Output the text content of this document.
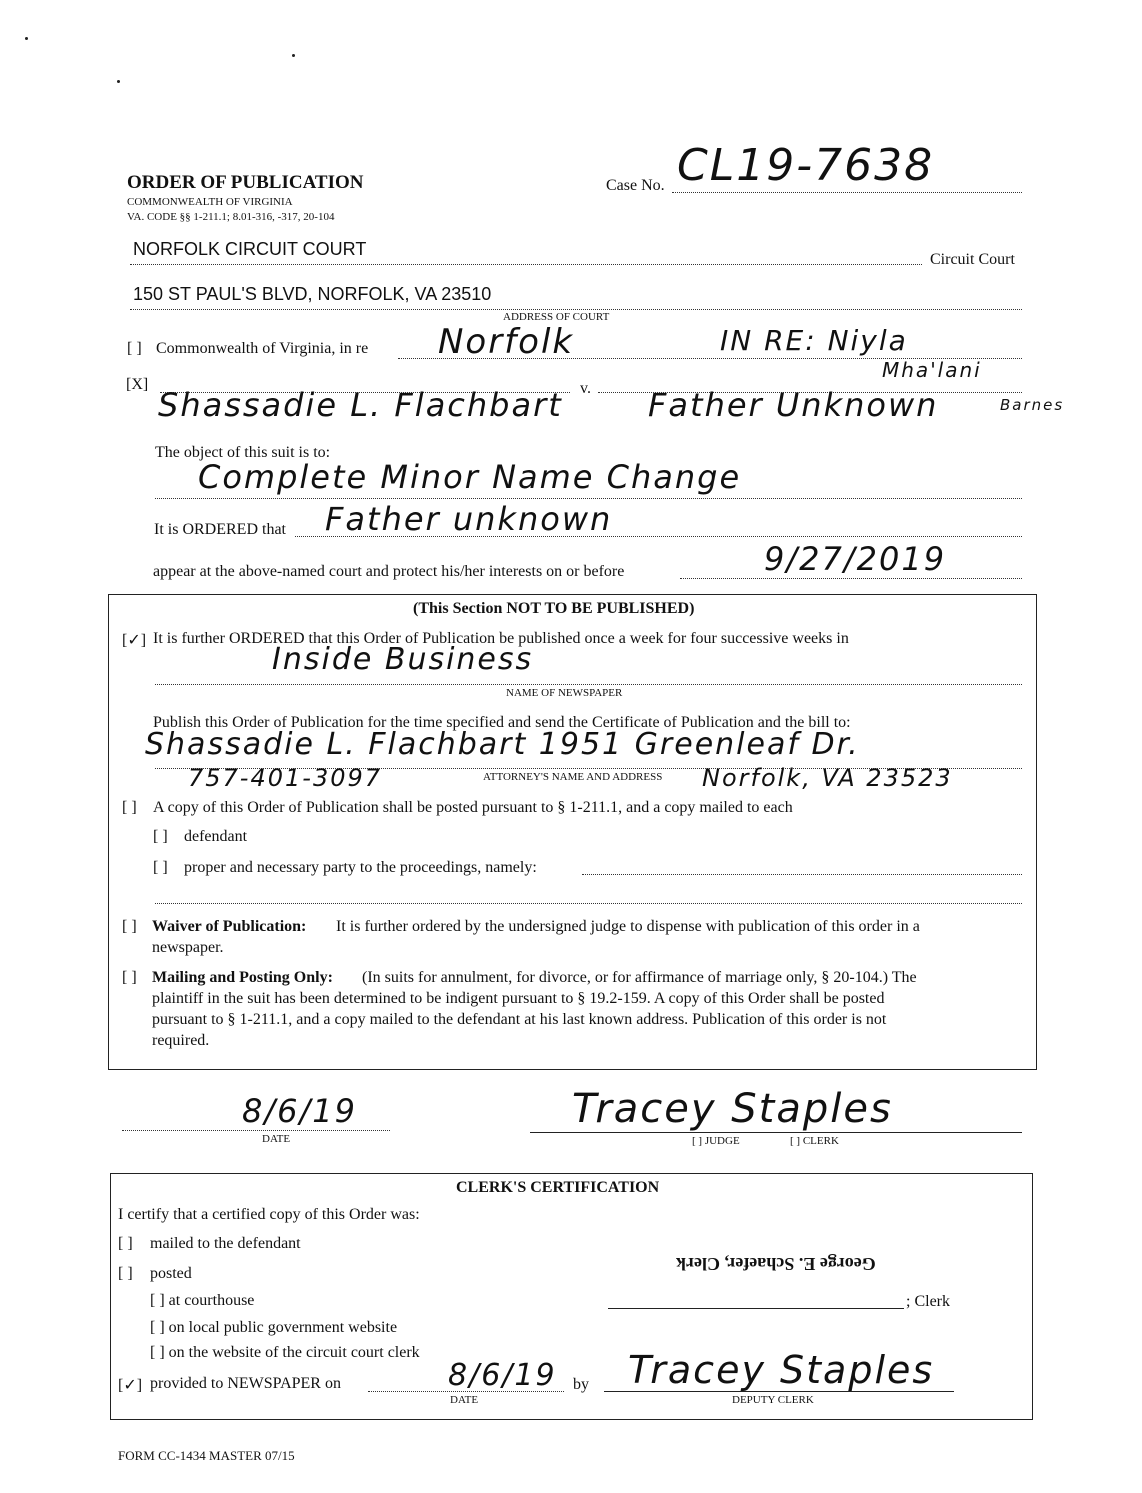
ORDER OF PUBLICATION
COMMONWEALTH OF VIRGINIA
VA. CODE §§ 1-211.1; 8.01-316, -317, 20-104
Case No. CL19-7638
NORFOLK CIRCUIT COURT
Circuit Court
150 ST PAUL'S BLVD, NORFOLK, VA 23510
ADDRESS OF COURT
[ ] Commonwealth of Virginia, in re Norfolk	IN RE: Niyla
Mha'lani
[X]	v.
Shassadie L. Flachbart	Father Unknown	Barnes
The object of this suit is to:
Complete Minor Name Change
It is ORDERED that Father unknown
appear at the above-named court and protect his/her interests on or before	9/27/2019
(This Section NOT TO BE PUBLISHED)
[✓] It is further ORDERED that this Order of Publication be published once a week for four successive weeks in
Inside Business
NAME OF NEWSPAPER
Publish this Order of Publication for the time specified and send the Certificate of Publication and the bill to:
Shassadie L. Flachbart 1951 Greenleaf Dr.
757-401-3097	ATTORNEY'S NAME AND ADDRESS Norfolk, VA 23523
[ ] A copy of this Order of Publication shall be posted pursuant to § 1-211.1, and a copy mailed to each
[ ] defendant
[ ] proper and necessary party to the proceedings, namely:
[ ] Waiver of Publication: It is further ordered by the undersigned judge to dispense with publication of this order in a
newspaper.
[ ] Mailing and Posting Only: (In suits for annulment, for divorce, or for affirmance of marriage only, § 20-104.) The
plaintiff in the suit has been determined to be indigent pursuant to § 19.2-159. A copy of this Order shall be posted
pursuant to § 1-211.1, and a copy mailed to the defendant at his last known address. Publication of this order is not
required.
8/6/19
DATE
Tracey Staples
[ ] JUDGE	[ ] CLERK
CLERK'S CERTIFICATION
I certify that a certified copy of this Order was:
[ ] mailed to the defendant
[ ] posted
[ ] at courthouse
[ ] on local public government website
[ ] on the website of the circuit court clerk
[✓] provided to NEWSPAPER on	8/6/19
DATE
by
George E. Schaefer, Clerk
; Clerk
Tracey Staples
DEPUTY CLERK
FORM CC-1434 MASTER 07/15
